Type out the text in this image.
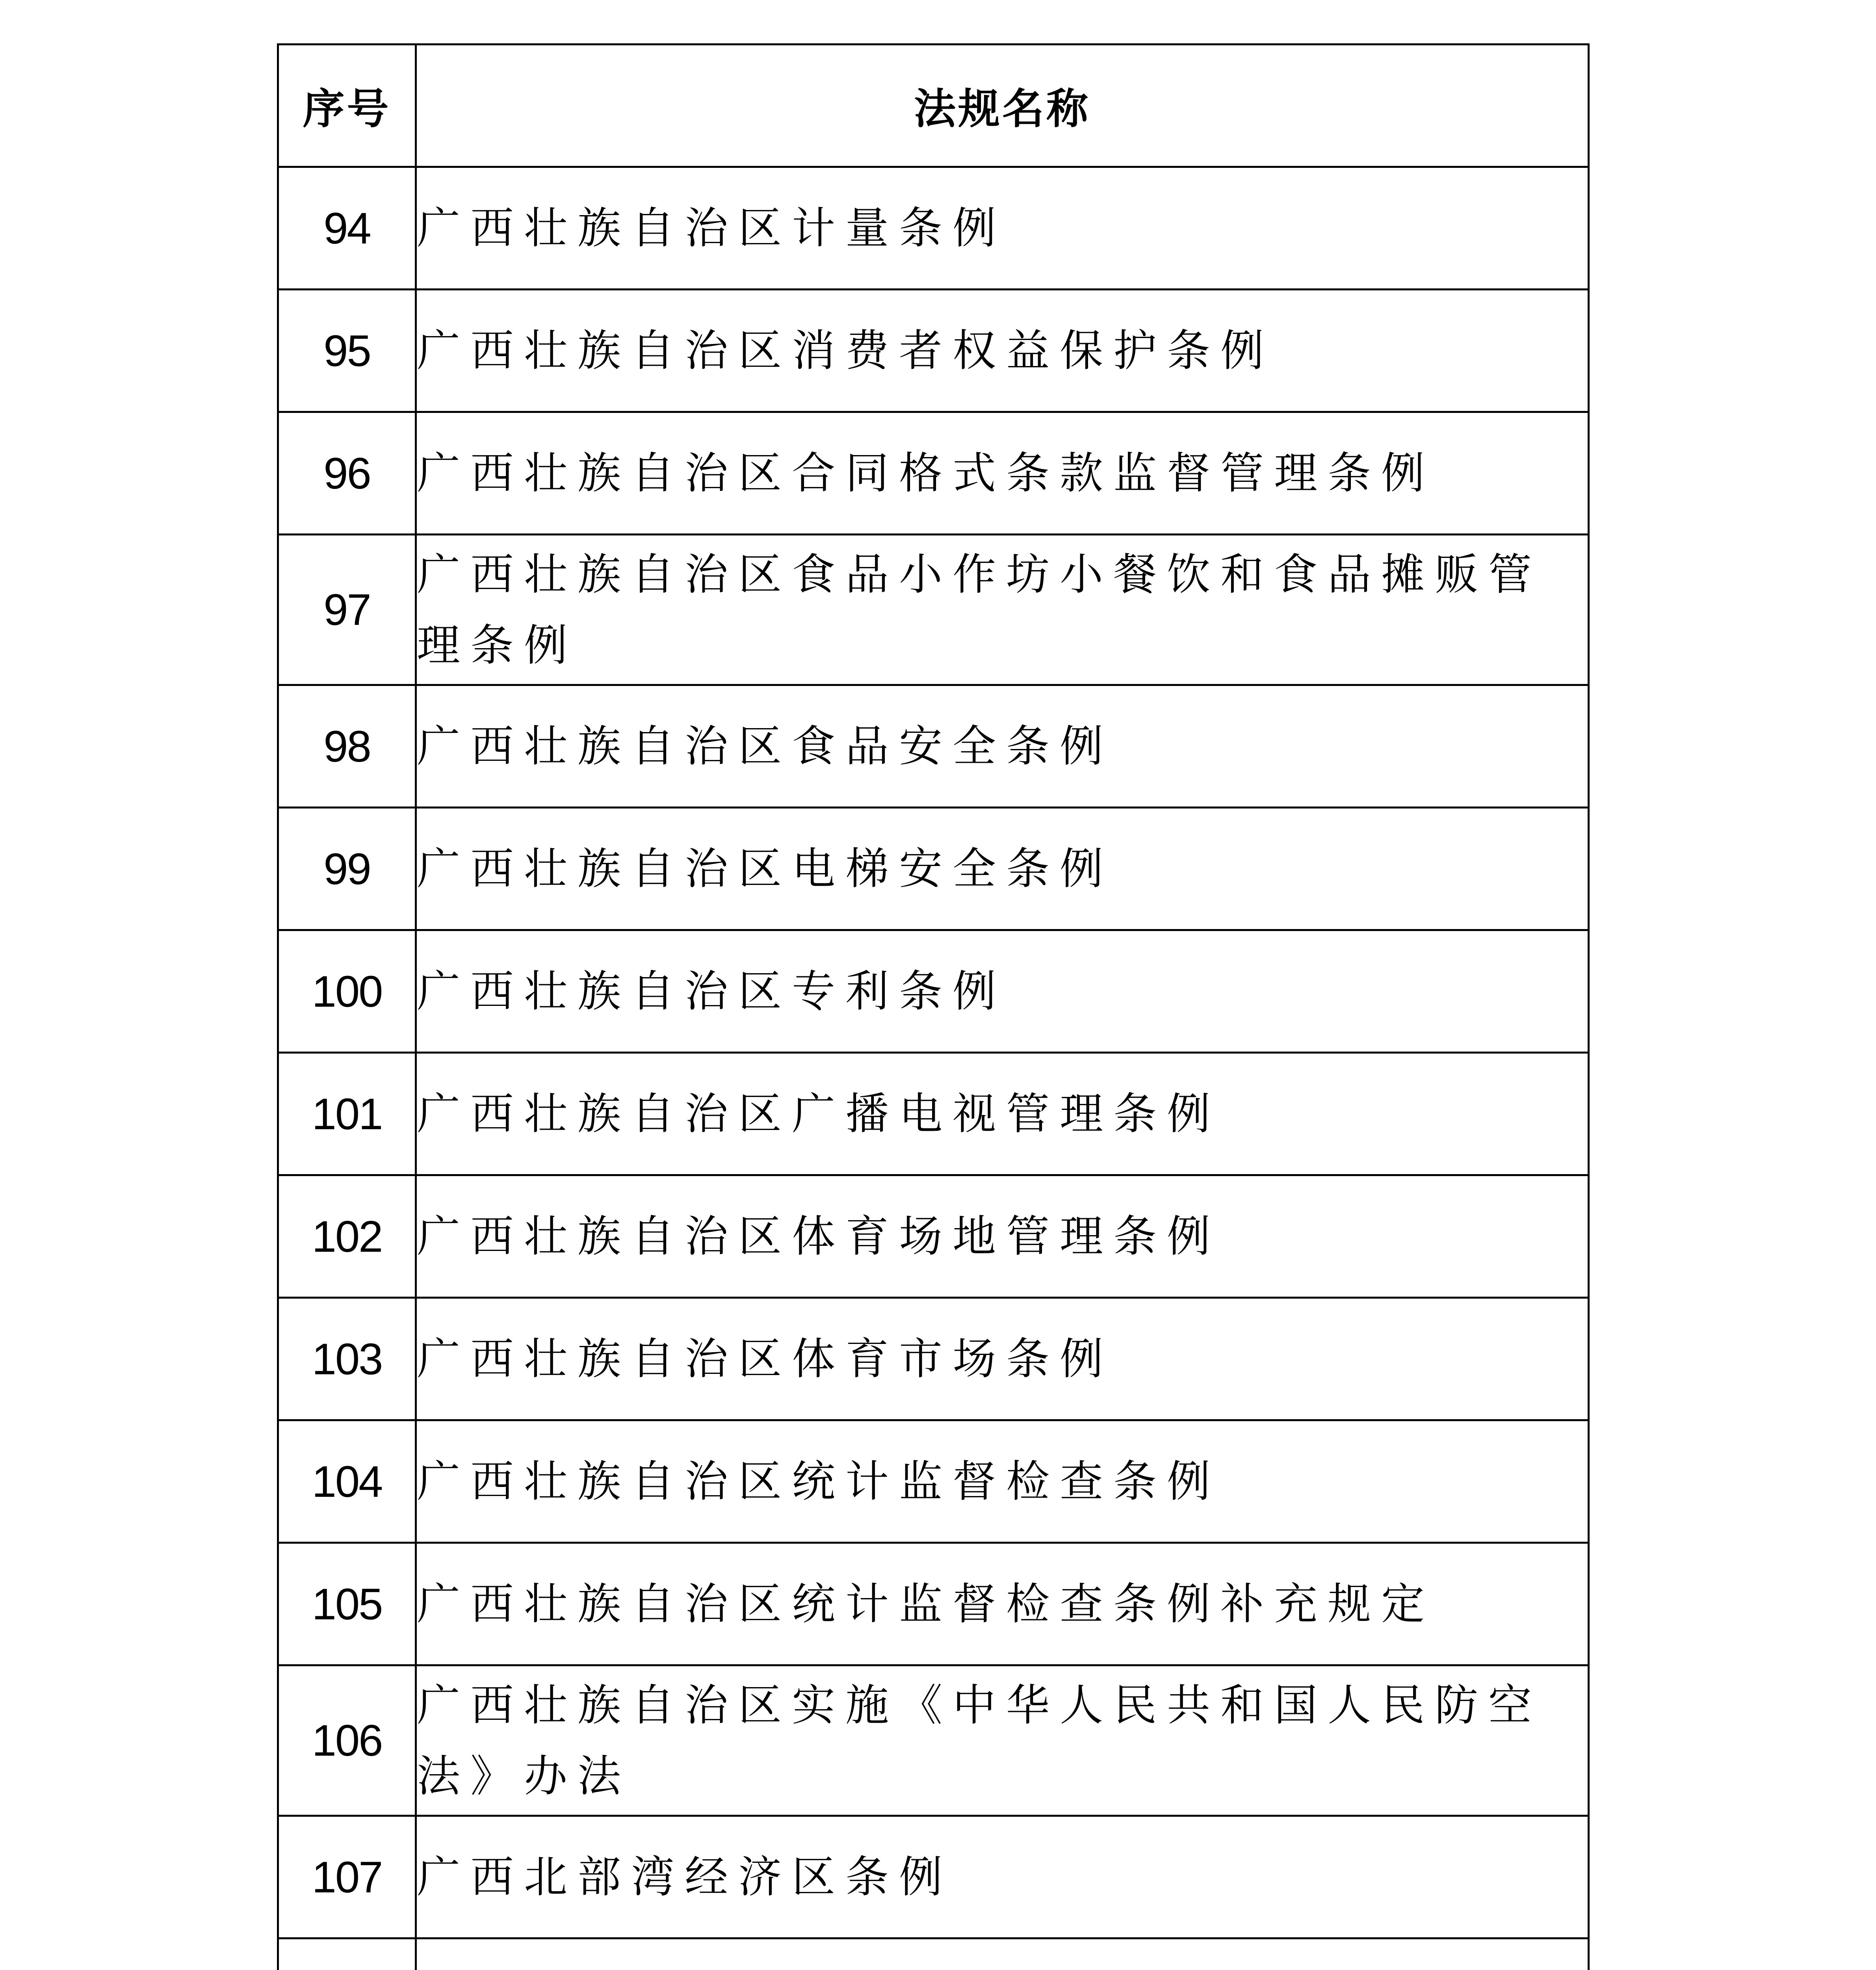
序号	法规名称
94	广西壮族自治区计量条例
95	广西壮族自治区消费者权益保护条例
96	广西壮族自治区合同格式条款监督管理条例
97	广西壮族自治区食品小作坊小餐饮和食品摊贩管理条例
98	广西壮族自治区食品安全条例
99	广西壮族自治区电梯安全条例
100	广西壮族自治区专利条例
101	广西壮族自治区广播电视管理条例
102	广西壮族自治区体育场地管理条例
103	广西壮族自治区体育市场条例
104	广西壮族自治区统计监督检查条例
105	广西壮族自治区统计监督检查条例补充规定
106	广西壮族自治区实施《中华人民共和国人民防空法》办法
107	广西北部湾经济区条例
